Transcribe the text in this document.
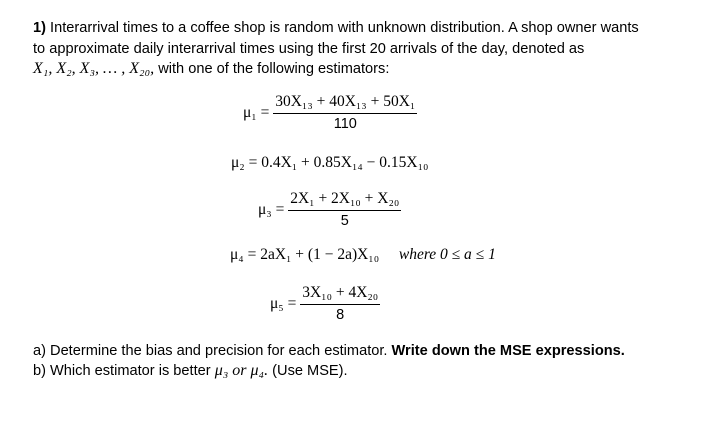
1) Interarrival times to a coffee shop is random with unknown distribution. A shop owner wants
to approximate daily interarrival times using the first 20 arrivals of the day, denoted as
X₁, X₂, X₃, … , X₂₀, with one of the following estimators:
$\mu_1 = \frac{\text{30X₁₃ + 40X₁₃ + 50X₁}}{110}$
μ₂ = 0.4X₁ + 0.85X₁₄ − 0.15X₁₀
$\mu_3 = \frac{\text{2X₁ + 2X₁₀ + X₂₀}}{5}$
μ₄ = 2aX₁ + (1 − 2a)X₁₀ where 0 ≤ a ≤ 1
$\mu_5 = \frac{\text{3X₁₀ + 4X₂₀}}{8}$
a) Determine the bias and precision for each estimator. Write down the MSE expressions.
b) Which estimator is better μ₃ or μ₄. (Use MSE).
